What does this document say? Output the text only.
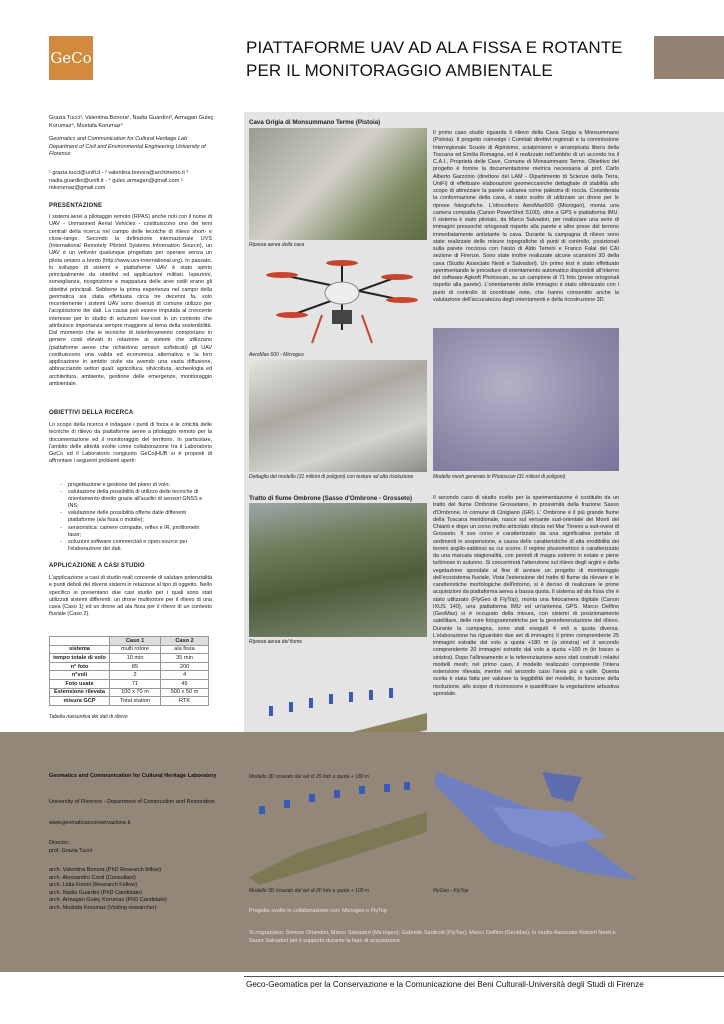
GeCo
PIATTAFORME UAV AD ALA FISSA E ROTANTE PER IL MONITORAGGIO AMBIENTALE
Grazia Tucci¹, Valentina Bonora², Nadia Guardini³, Armagan Guleç Korumaz⁴, Mustafa Korumaz⁵
Geomatics and Communication for Cultural Heritage Lab Department of Civil and Environmental Engineering University of Florence
¹ grazia.tucci@unifi.it - ² valentina.bonora@archimetro.it ³ nadia.guardini@unifi.it - ⁴ gulec.armagan@gmail.com ⁵ mkorumaz@gmail.com
PRESENTAZIONE
I sistemi aerei a pilotaggio remoto (RPAS) anche noti con il nome di UAV - Unmanned Aerial Vehicles - costituiscono uno dei temi centrali della ricerca nel campo delle tecniche di rilievo short- e close-range. Secondo la definizione internazionale UVS (International Remotely Piloted Systems Information Source), un UAV è un velivolo qualunque progettato per operare senza un pilota umano a bordo (http://www.uvs-international.org). In passato, lo sviluppo di sistemi e piattaforme UAV è stato spinto principalmente da obiettivi ed applicazioni militari. Ispezioni, sorveglianza, ricognizione e mappatura delle aree ostili erano gli obiettivi principali. Sebbene la prima esperienza nel campo della geomatica sia stata effettuata circa tre decenni fa, solo recentemente i sistemi UAV sono divenuti di comune utilizzo per l'acquisizione dei dati. La causa può essere imputata al crescente interesse per lo studio di soluzioni low-cost in un contesto che attribuisce importanza sempre maggiore al tema della sostenibilità. Dal momento che le tecniche di telerilevamento comportano in genere costi elevati in relazione ai sistemi che utilizzano (piattaforme aeree che richiedono sensori sofisticati) gli UAV costituiscono una valida ed economica alternativa e la loro applicazione in ambito civile sta avendo una vasta diffusione, abbracciando settori quali: agricoltura, silvicoltura, archeologia ed architettura, ambiente, gestione delle emergenze, monitoraggio ambientale.
OBIETTIVI DELLA RICERCA
Lo scopo della ricerca è indagare i punti di forza e le criticità delle tecniche di rilievo da piattaforme aeree a pilotaggio remoto per la documentazione ed il monitoraggio del territorio. In particolare, l'ambito delle attività svolte come collaborazione tra il Laboratorio GeCo ed il Laboratorio congiunto GeCo|HUB si è proposti di affrontare i seguenti problemi aperti:
- progettazione e gestione del piano di volo;
- valutazione della possibilità di utilizzo delle tecniche di orientamento diretto grazie all'ausilio di sensori GNSS e INS;
- valutazione delle possibilità offerte dalle differenti piattaforme (ala fissa o mobile);
- sensoristica: camere compatte, reflex e IR, profilometri laser;
- soluzioni software commerciali e open-source per l'elaborazione dei dati.
APPLICAZIONE A CASI STUDIO
L'applicazione a casi di studio reali consente di valutare potenzialità e punti deboli dei diversi sistemi in relazione al tipo di oggetto. Nello specifico si presentano due casi studio per i quali sono stati utilizzati sistemi differenti: un drone multirotore per il rilievo di una cava (Caso 1) ed un drone ad ala fissa per il rilievo di un contesto fluviale (Caso 2).
	Caso 1	Caso 2
sistema	multi rotore	ala fissa
tempo totale di volo	10 min	35 min
n° foto	85	200
n°voli	2	4
Foto usate	71	45
Estensione rilevata	100 x 70 m	500 x 50 m
misura GCP	Total station	RTK
Tabella riassuntiva dei dati di rilievo
Cava Grigia di Monsummano Terme (Pistoia)
Ripresa aerea della cava
AeroMax 600 - Microgeo
Dettaglio del modello (31 milioni di poligoni) con texture ad alta risoluzione	Modello mesh generato in Photoscan (31 milioni di poligoni)
Il primo caso studio riguarda il rilievo della Cava Grigia a Monsummano (Pistoia). Il progetto coinvolge i Comitati direttivi regionali e la commissione Interregionale Scuole di Alpinismo, scialpinismo e arrampicata libera della Toscana ed Emilia Romagna, ed è realizzato nell'ambito di un accordo tra il C.A.I., Proprietà delle Cave, Comune di Monsummano Terme. Obiettivo del progetto è fornire la documentazione metrica necessaria al prof. Carlo Alberto Garzonio (direttore del LAM - Dipartimento di Scienze della Terra, UniFi) di effettuare elaborazioni geomeccaniche dettagliate di stabilità allo scopo di attrezzare la parete calcarea come palestra di roccia. Considerata la conformazione della cava, è stato scelto di utilizzare un drone per le riprese fotografiche. L'ottocottero AeroMax600 (Microgeo), monta una camera compatta (Canon PowerShot S100), oltre a GPS e piattaforma IMU. Il sistema è stato pilotato, da Marco Salvadori, per realizzare una serie di immagini pressoché ortogonali rispetto alla parete e altre prese del terreno immediatamente antistante la cava. Durante la campagna di rilievo sono state realizzate delle misure topografiche di punti di controllo, posizionati sulla parete rocciosa con l'aiuto di Aldo Terreni e Franco Falai del CAI sezione di Firenze. Sono state inoltre realizzate alcune scansioni 3D della cava (Studio Associato Nesti e Salvadori). Un primo test è stato effettuato sperimentando le procedure di orientamento automatico disponibili all'interno del software Agisoft Photoscan, su un campione di 71 foto (prese ortogonali rispetto alla parete). L'orientamento delle immagini è stato ottimizzato con i punti di controllo di coordinate note, che hanno consentito anche la valutazione dell'accuratezza degli orientamenti e della ricostruzione 3D.
Tratto di fiume Ombrone (Sasso d'Ombrone - Grosseto)
Ripresa aerea del fiume
Il secondo caso di studio scelto per la sperimentazione è costituito da un tratto del fiume Ombrone Grossetano, in prossimità della frazione Sasso d'Ombrone, in comune di Cinigiano (GR). L' Ombrone è il più grande fiume della Toscana meridionale, nasce sul versante sud-orientale dei Monti del Chianti e dopo un corso molto articolato sfocia nel Mar Tirreno a sud-ovest di Grosseto. Il suo corso è caratterizzato da una significativa portata di sedimenti in sospensione, a causa delle caratteristiche di alta erodibilità dei terreni argillo-sabbiosi su cui scorre. Il regime pluviometrico è caratterizzato da una marcata stagionalità, con periodi di magra estremi in estate e piene turbinose in autunno. Si concentrerà l'attenzione sul rilievo degli argini e della vegetazione spondale al fine di avviare un progetto di monitoraggio dell'ecosistema fluviale. Vista l'estensione del tratto di fiume da rilevare e le caratteristiche morfologiche dell'intorno, si è deciso di realizzare le prime acquisizioni da piattaforma aerea a bassa quota. Il sistema ad ala fissa che è stato utilizzato (FlyGeo di FlyTop), monta una fotocamera digitale (Canon IXUS 140), una piattaforma IMU ed un'antenna GPS. Marco Delfino (GeoMax) si è occupato della misura, con sistemi di posizionamento satellitare, delle mire fotogrammetriche per la georeferenziazione del rilievo. Durante la campagna, sono stati eseguiti 4 voli a quota diversa. L'elaborazione ha riguardato due set di immagini; il primo comprendente 25 immagini estratte dal volo a quota +180 m (a sinistra) ed il secondo comprendente 20 immagini estratte dal volo a quota +100 m (in basso a sinistra). Dopo l'allineamento e la referenziazione sono stati costruiti i relativi modelli mesh; nel primo caso, il modello realizzato comprende l'intera estensione rilevata, mentre nel secondo caso l'area più a valle. Questa scelta è stata fatta per valutare la leggibilità del modello, in funzione della risoluzione, allo scopo di riconoscere e quantificare la vegetazione arbustiva spondale.
Geomatics and Communication for Cultural Heritage Laboratory
University of Florence - Department of Construction and Restoration
www.geomaticaeconservazione.it
Director:
prof. Grazia Tucci
arch. Valentina Bonora (PhD Research fellow)
arch. Alessandro Conti (Consultant)
arch. Lidia Fiorini (Research Fellow)
arch. Nadia Guardini (PhD Candidate)
arch. Armagan Guleç Korumaz (PhD Candidate)
arch. Mustafa Korumaz (Visiting researcher)
Modello 3D ricavato dal set di 25 foto a quota + 180 m
Modello 3D ricavato dal set di 20 foto a quota + 100 m	FlyGeo - FlyTop
Progetto svolto in collaborazione con: Microgeo e FlyTop
Si ringraziano: Simone Orlandini, Marco Salvadori (Microgeo); Gabriele Santicoli (FlyTop); Marco Delfino (GeoMax); lo studio Associato Roberti Nesti e Sauro Salvadori per il supporto durante la fase di acquisizione.
Geco-Geomatica per la Conservazione e la Comunicazione dei Beni Culturali-Università degli Studi di Firenze
